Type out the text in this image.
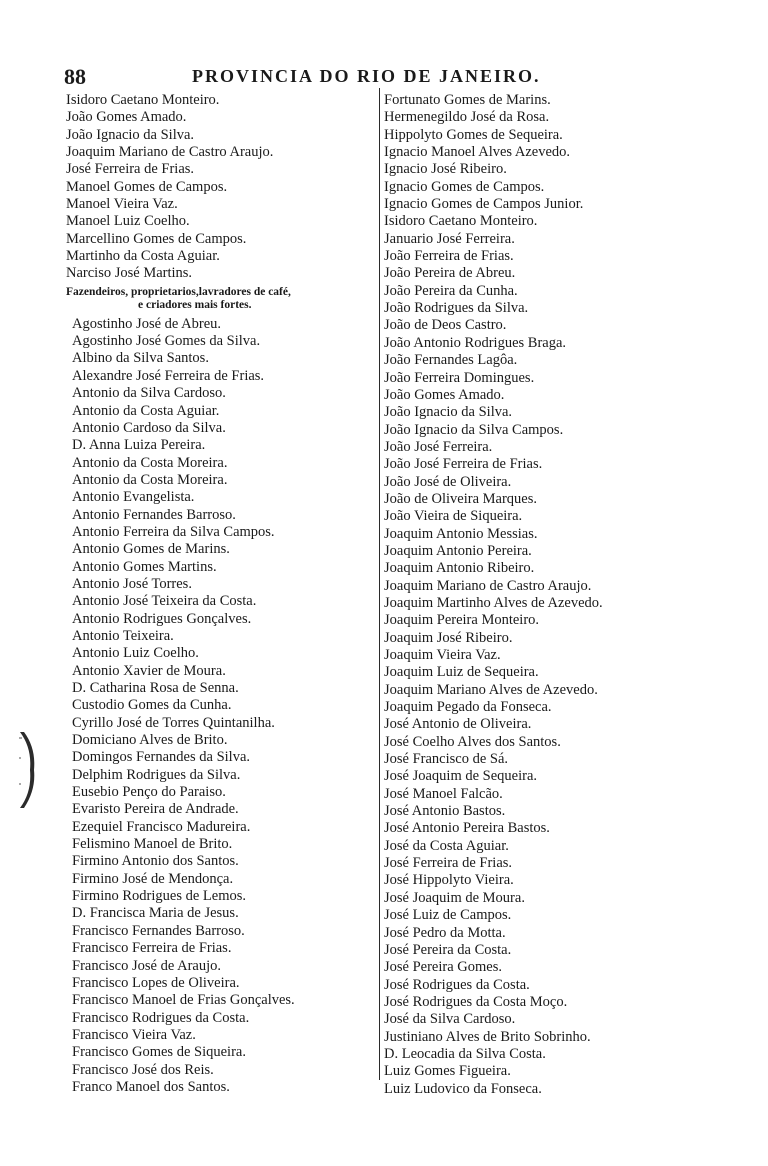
88	PROVINCIA DO RIO DE JANEIRO.
Isidoro Caetano Monteiro.
João Gomes Amado.
João Ignacio da Silva.
Joaquim Mariano de Castro Araujo.
José Ferreira de Frias.
Manoel Gomes de Campos.
Manoel Vieira Vaz.
Manoel Luiz Coelho.
Marcellino Gomes de Campos.
Martinho da Costa Aguiar.
Narciso José Martins.
Fazendeiros, proprietarios,lavradores de café,
e criadores mais fortes.
Agostinho José de Abreu.
Agostinho José Gomes da Silva.
Albino da Silva Santos.
Alexandre José Ferreira de Frias.
Antonio da Silva Cardoso.
Antonio da Costa Aguiar.
Antonio Cardoso da Silva.
D. Anna Luiza Pereira.
Antonio da Costa Moreira.
Antonio da Costa Moreira.
Antonio Evangelista.
Antonio Fernandes Barroso.
Antonio Ferreira da Silva Campos.
Antonio Gomes de Marins.
Antonio Gomes Martins.
Antonio José Torres.
Antonio José Teixeira da Costa.
Antonio Rodrigues Gonçalves.
Antonio Teixeira.
Antonio Luiz Coelho.
Antonio Xavier de Moura.
D. Catharina Rosa de Senna.
Custodio Gomes da Cunha.
Cyrillo José de Torres Quintanilha.
Domiciano Alves de Brito.
Domingos Fernandes da Silva.
Delphim Rodrigues da Silva.
Eusebio Penço do Paraiso.
Evaristo Pereira de Andrade.
Ezequiel Francisco Madureira.
Felismino Manoel de Brito.
Firmino Antonio dos Santos.
Firmino José de Mendonça.
Firmino Rodrigues de Lemos.
D. Francisca Maria de Jesus.
Francisco Fernandes Barroso.
Francisco Ferreira de Frias.
Francisco José de Araujo.
Francisco Lopes de Oliveira.
Francisco Manoel de Frias Gonçalves.
Francisco Rodrigues da Costa.
Francisco Vieira Vaz.
Francisco Gomes de Siqueira.
Francisco José dos Reis.
Franco Manoel dos Santos.
Fortunato Gomes de Marins.
Hermenegildo José da Rosa.
Hippolyto Gomes de Sequeira.
Ignacio Manoel Alves Azevedo.
Ignacio José Ribeiro.
Ignacio Gomes de Campos.
Ignacio Gomes de Campos Junior.
Isidoro Caetano Monteiro.
Januario José Ferreira.
João Ferreira de Frias.
João Pereira de Abreu.
João Pereira da Cunha.
João Rodrigues da Silva.
João de Deos Castro.
João Antonio Rodrigues Braga.
João Fernandes Lagôa.
João Ferreira Domingues.
João Gomes Amado.
João Ignacio da Silva.
João Ignacio da Silva Campos.
João José Ferreira.
João José Ferreira de Frias.
João José de Oliveira.
João de Oliveira Marques.
João Vieira de Siqueira.
Joaquim Antonio Messias.
Joaquim Antonio Pereira.
Joaquim Antonio Ribeiro.
Joaquim Mariano de Castro Araujo.
Joaquim Martinho Alves de Azevedo.
Joaquim Pereira Monteiro.
Joaquim José Ribeiro.
Joaquim Vieira Vaz.
Joaquim Luiz de Sequeira.
Joaquim Mariano Alves de Azevedo.
Joaquim Pegado da Fonseca.
José Antonio de Oliveira.
José Coelho Alves dos Santos.
José Francisco de Sá.
José Joaquim de Sequeira.
José Manoel Falcão.
José Antonio Bastos.
José Antonio Pereira Bastos.
José da Costa Aguiar.
José Ferreira de Frias.
José Hippolyto Vieira.
José Joaquim de Moura.
José Luiz de Campos.
José Pedro da Motta.
José Pereira da Costa.
José Pereira Gomes.
José Rodrigues da Costa.
José Rodrigues da Costa Moço.
José da Silva Cardoso.
Justiniano Alves de Brito Sobrinho.
D. Leocadia da Silva Costa.
Luiz Gomes Figueira.
Luiz Ludovico da Fonseca.
